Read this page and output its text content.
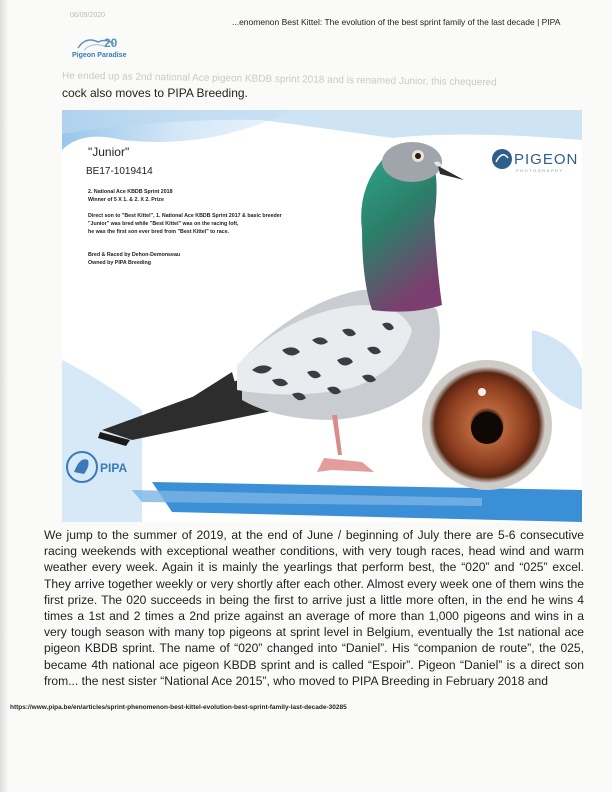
06/09/2020
...enomenon Best Kittel: The evolution of the best sprint family of the last decade | PIPA
20
Pigeon Paradise
He ended up as 2nd national Ace pigeon KBDB sprint 2018 and is renamed Junior, this chequered
cock also moves to PIPA Breeding.
"Junior"
BE17-1019414
2. National Ace KBDB Sprint 2018
Winner of 5 X 1. & 2. X 2. Prize
Direct son to "Best Kittel", 1. National Ace KBDB Sprint 2017 & basic breeder
"Junior" was bred while "Best Kittel" was on the racing loft,
he was the first son ever bred from "Best Kittel" to race.
Bred & Raced by Dehon-Demonseau
Owned by PIPA Breeding
PIGEON
PHOTOGRAPHY
PIPA
We jump to the summer of 2019, at the end of June / beginning of July there are 5-6 consecutive racing weekends with exceptional weather conditions, with very tough races, head wind and warm weather every week. Again it is mainly the yearlings that perform best, the “020” and “025” excel. They arrive together weekly or very shortly after each other. Almost every week one of them wins the first prize. The 020 succeeds in being the first to arrive just a little more often, in the end he wins 4 times a 1st and 2 times a 2nd prize against an average of more than 1,000 pigeons and wins in a very tough season with many top pigeons at sprint level in Belgium, eventually the 1st national ace pigeon KBDB sprint. The name of “020” changed into “Daniel”. His “companion de route”, the 025, became 4th national ace pigeon KBDB sprint and is called “Espoir”. Pigeon “Daniel” is a direct son from... the nest sister “National Ace 2015”, who moved to PIPA Breeding in February 2018 and
https://www.pipa.be/en/articles/sprint-phenomenon-best-kittel-evolution-best-sprint-family-last-decade-30285
